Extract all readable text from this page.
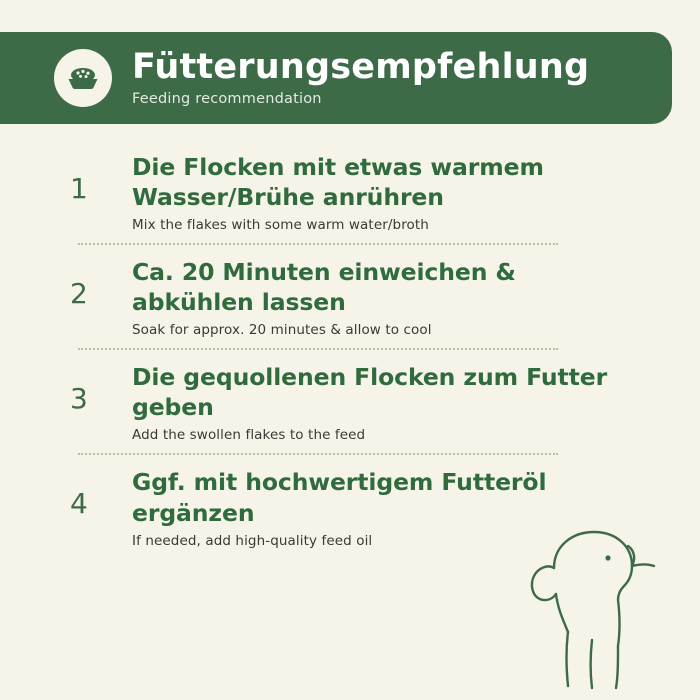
Fütterungsempfehlung
Feeding recommendation
1
Die Flocken mit etwas warmem Wasser/Brühe anrühren
Mix the flakes with some warm water/broth
2
Ca. 20 Minuten einweichen & abkühlen lassen
Soak for approx. 20 minutes & allow to cool
3
Die gequollenen Flocken zum Futter geben
Add the swollen flakes to the feed
4
Ggf. mit hochwertigem Futteröl ergänzen
If needed, add high-quality feed oil
